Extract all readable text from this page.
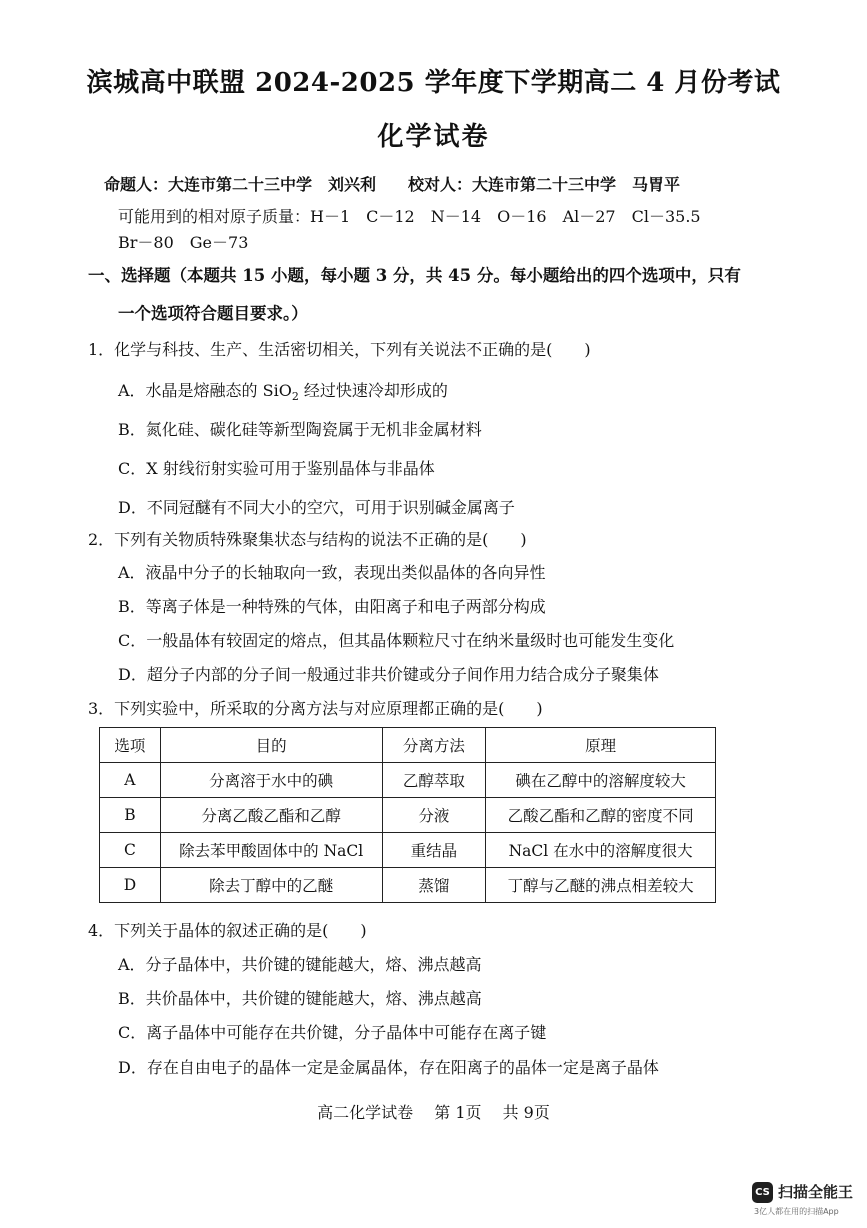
滨城高中联盟 2024-2025 学年度下学期高二 4 月份考试
化学试卷
命题人：大连市第二十三中学　刘兴利　　校对人：大连市第二十三中学　马胃平
可能用到的相对原子质量：H－1　C－12　N－14　O－16　Al－27　Cl－35.5
Br－80　Ge－73
一、选择题（本题共 15 小题，每小题 3 分，共 45 分。每小题给出的四个选项中，只有
一个选项符合题目要求。）
1．化学与科技、生产、生活密切相关，下列有关说法不正确的是(　　)
A．水晶是熔融态的 SiO$_2$ 经过快速冷却形成的
B．氮化硅、碳化硅等新型陶瓷属于无机非金属材料
C．X 射线衍射实验可用于鉴别晶体与非晶体
D．不同冠醚有不同大小的空穴，可用于识别碱金属离子
2．下列有关物质特殊聚集状态与结构的说法不正确的是(　　)
A．液晶中分子的长轴取向一致，表现出类似晶体的各向异性
B．等离子体是一种特殊的气体，由阳离子和电子两部分构成
C．一般晶体有较固定的熔点，但其晶体颗粒尺寸在纳米量级时也可能发生变化
D．超分子内部的分子间一般通过非共价键或分子间作用力结合成分子聚集体
3．下列实验中，所采取的分离方法与对应原理都正确的是(　　)
选项	目的	分离方法	原理
A	分离溶于水中的碘	乙醇萃取	碘在乙醇中的溶解度较大
B	分离乙酸乙酯和乙醇	分液	乙酸乙酯和乙醇的密度不同
C	除去苯甲酸固体中的 NaCl	重结晶	NaCl 在水中的溶解度很大
D	除去丁醇中的乙醚	蒸馏	丁醇与乙醚的沸点相差较大
4．下列关于晶体的叙述正确的是(　　)
A．分子晶体中，共价键的键能越大，熔、沸点越高
B．共价晶体中，共价键的键能越大，熔、沸点越高
C．离子晶体中可能存在共价键，分子晶体中可能存在离子键
D．存在自由电子的晶体一定是金属晶体，存在阳离子的晶体一定是离子晶体
高二化学试卷　 第 1页　 共 9页
CS 扫描全能王
3亿人都在用的扫描App
